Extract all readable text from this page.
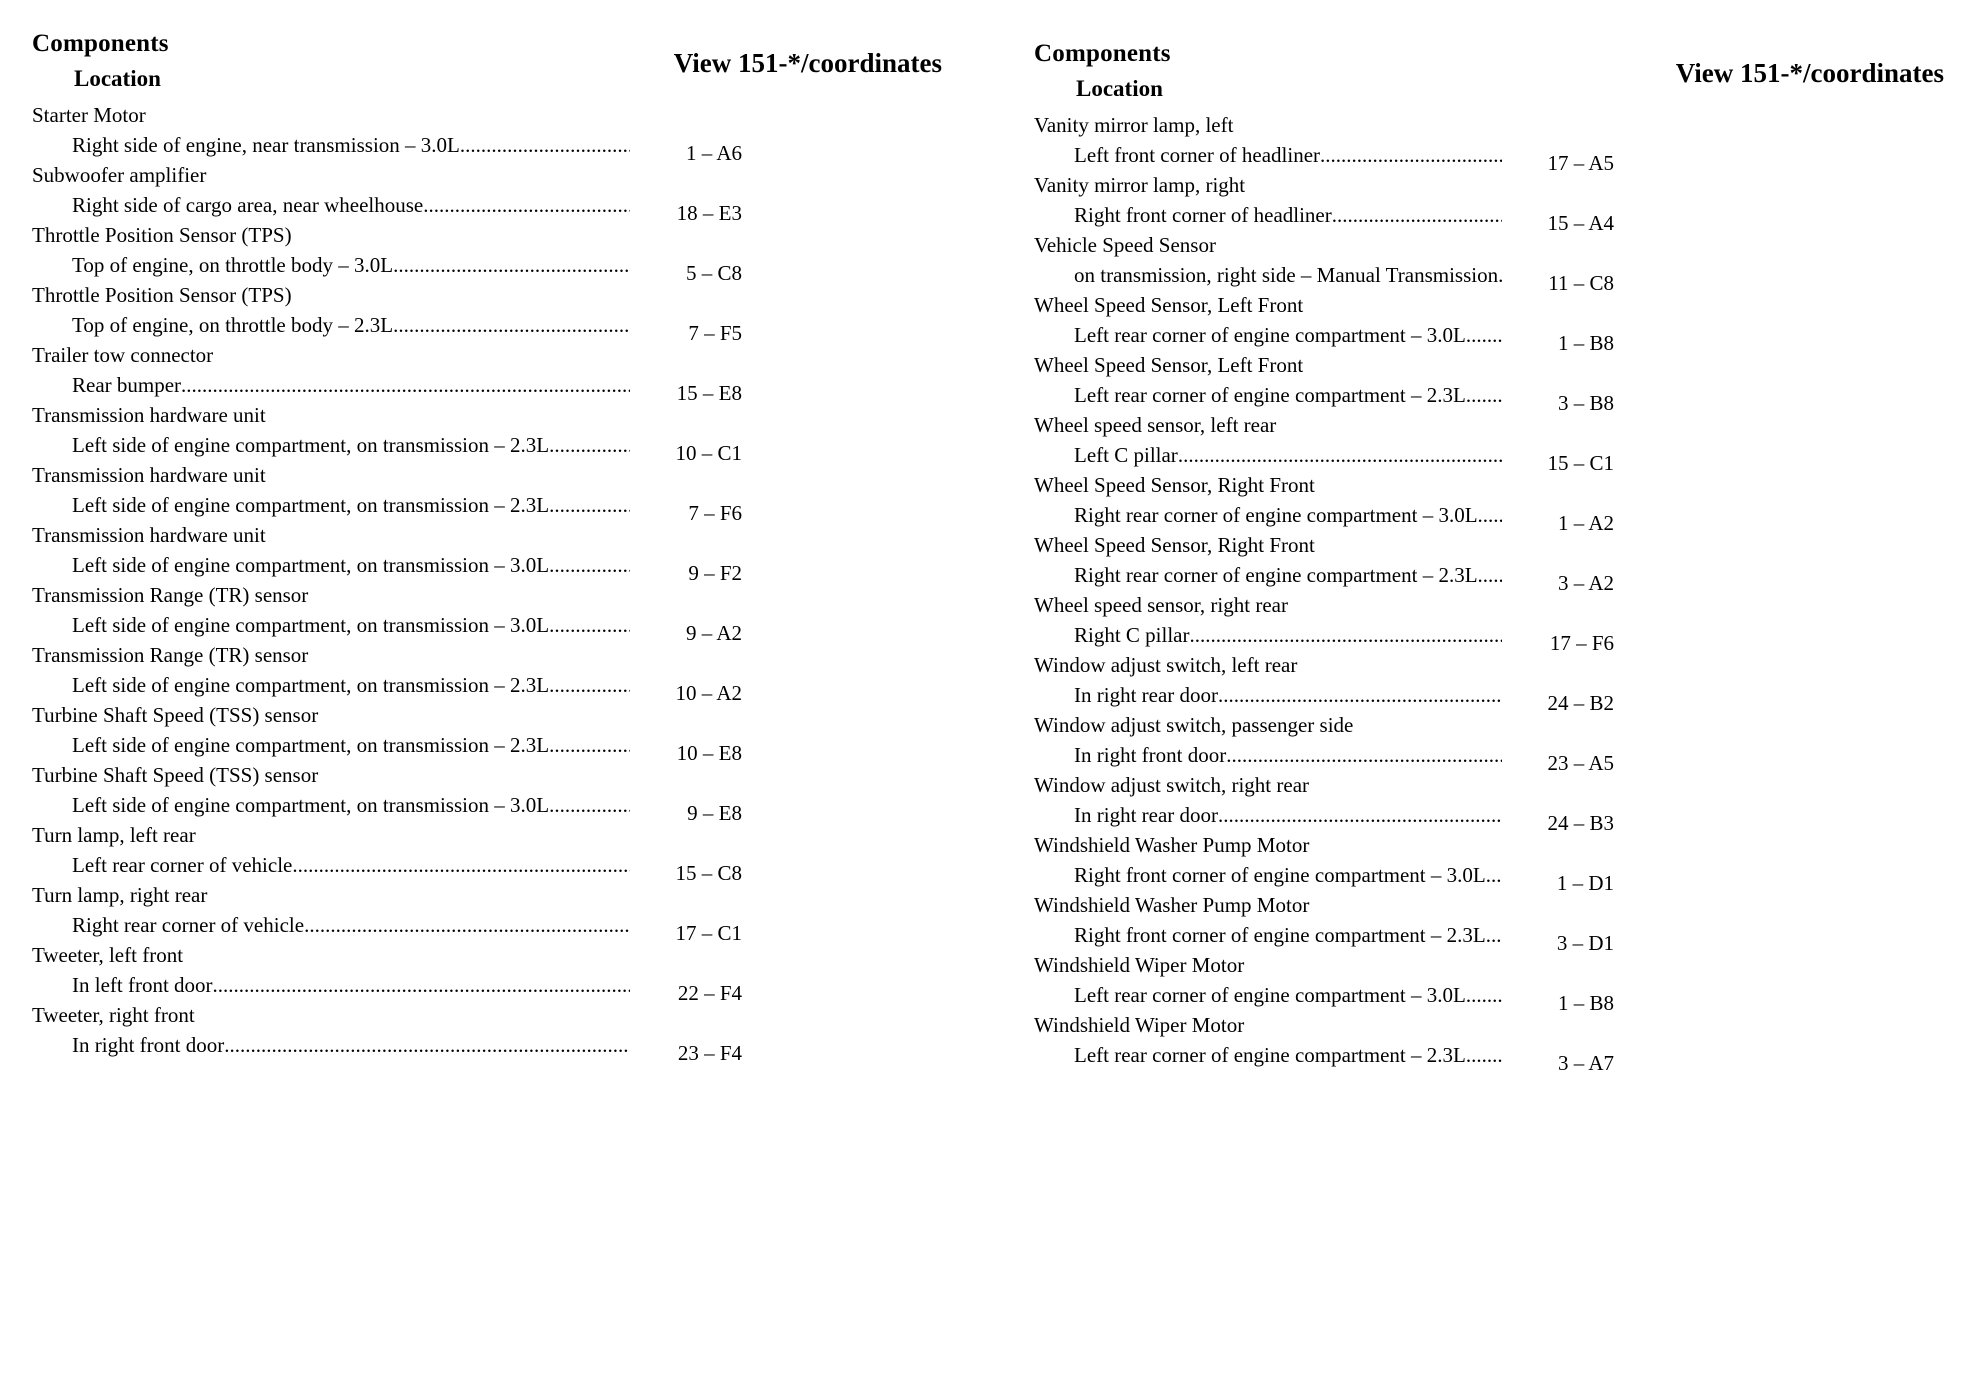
Components
Location
View 151-*/coordinates
Starter Motor
Right side of engine, near transmission – 3.0L .....	1 – A6
Subwoofer amplifier
Right side of cargo area, near wheelhouse .....	18 – E3
Throttle Position Sensor (TPS)
Top of engine, on throttle body – 3.0L .....	5 – C8
Throttle Position Sensor (TPS)
Top of engine, on throttle body – 2.3L .....	7 – F5
Trailer tow connector
Rear bumper .....	15 – E8
Transmission hardware unit
Left side of engine compartment, on transmission – 2.3L .....	10 – C1
Transmission hardware unit
Left side of engine compartment, on transmission – 2.3L .....	7 – F6
Transmission hardware unit
Left side of engine compartment, on transmission – 3.0L .....	9 – F2
Transmission Range (TR) sensor
Left side of engine compartment, on transmission – 3.0L .....	9 – A2
Transmission Range (TR) sensor
Left side of engine compartment, on transmission – 2.3L .....	10 – A2
Turbine Shaft Speed (TSS) sensor
Left side of engine compartment, on transmission – 2.3L .....	10 – E8
Turbine Shaft Speed (TSS) sensor
Left side of engine compartment, on transmission – 3.0L .....	9 – E8
Turn lamp, left rear
Left rear corner of vehicle .....	15 – C8
Turn lamp, right rear
Right rear corner of vehicle .....	17 – C1
Tweeter, left front
In left front door .....	22 – F4
Tweeter, right front
In right front door .....	23 – F4
Components
Location
View 151-*/coordinates
Vanity mirror lamp, left
Left front corner of headliner .....	17 – A5
Vanity mirror lamp, right
Right front corner of headliner .....	15 – A4
Vehicle Speed Sensor
on transmission, right side – Manual Transmission ..... 11 – C8
Wheel Speed Sensor, Left Front
Left rear corner of engine compartment – 3.0L .....	1 – B8
Wheel Speed Sensor, Left Front
Left rear corner of engine compartment – 2.3L .....	3 – B8
Wheel speed sensor, left rear
Left C pillar .....	15 – C1
Wheel Speed Sensor, Right Front
Right rear corner of engine compartment – 3.0L .....	1 – A2
Wheel Speed Sensor, Right Front
Right rear corner of engine compartment – 2.3L .....	3 – A2
Wheel speed sensor, right rear
Right C pillar .....	17 – F6
Window adjust switch, left rear
In right rear door .....	24 – B2
Window adjust switch, passenger side
In right front door .....	23 – A5
Window adjust switch, right rear
In right rear door .....	24 – B3
Windshield Washer Pump Motor
Right front corner of engine compartment – 3.0L .....	1 – D1
Windshield Washer Pump Motor
Right front corner of engine compartment – 2.3L .....	3 – D1
Windshield Wiper Motor
Left rear corner of engine compartment – 3.0L .....	1 – B8
Windshield Wiper Motor
Left rear corner of engine compartment – 2.3L .....	3 – A7
